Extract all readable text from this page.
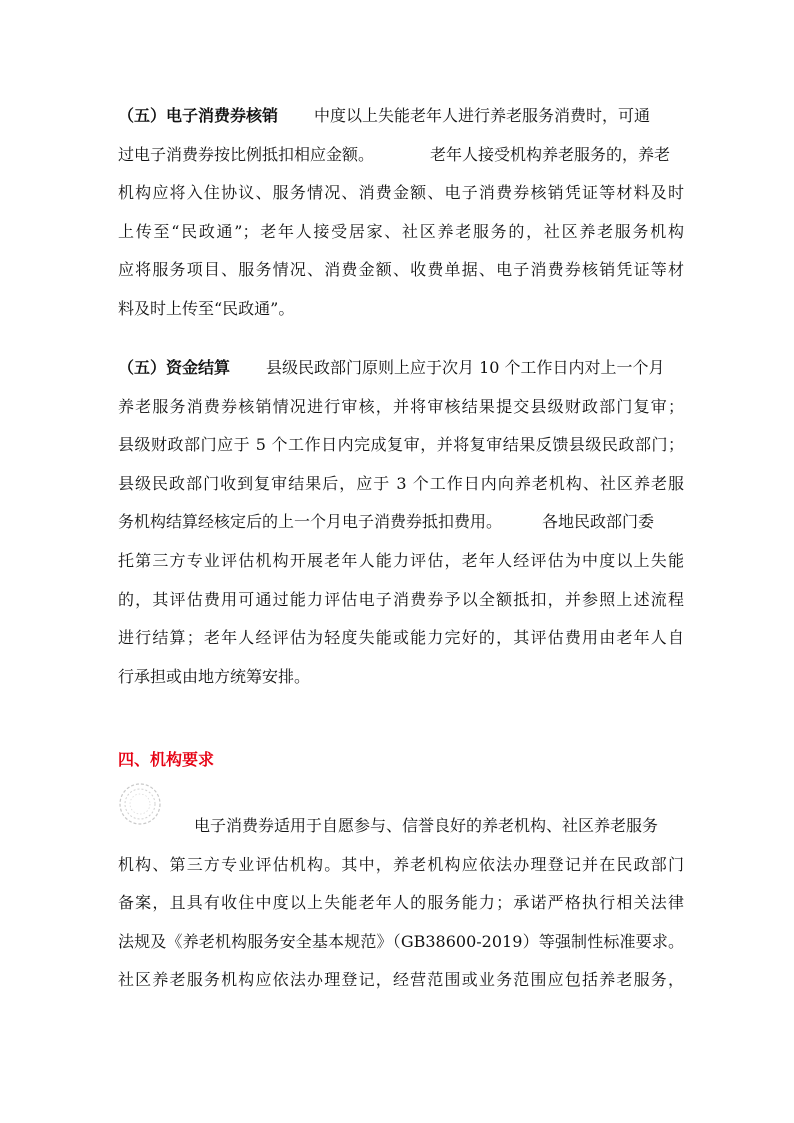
（五）电子消费券核销 中度以上失能老年人进行养老服务消费时，可通
过电子消费券按比例抵扣相应金额。	老年人接受机构养老服务的，养老
机构应将入住协议、服务情况、消费金额、电子消费券核销凭证等材料及时
上传至“民政通”；老年人接受居家、社区养老服务的，社区养老服务机构
应将服务项目、服务情况、消费金额、收费单据、电子消费券核销凭证等材
料及时上传至“民政通”。
（五）资金结算 县级民政部门原则上应于次月 10 个工作日内对上一个月
养老服务消费券核销情况进行审核，并将审核结果提交县级财政部门复审；
县级财政部门应于 5 个工作日内完成复审，并将复审结果反馈县级民政部门；
县级民政部门收到复审结果后，应于 3 个工作日内向养老机构、社区养老服
务机构结算经核定后的上一个月电子消费券抵扣费用。	各地民政部门委
托第三方专业评估机构开展老年人能力评估，老年人经评估为中度以上失能
的，其评估费用可通过能力评估电子消费券予以全额抵扣，并参照上述流程
进行结算；老年人经评估为轻度失能或能力完好的，其评估费用由老年人自
行承担或由地方统筹安排。
四、机构要求
电子消费券适用于自愿参与、信誉良好的养老机构、社区养老服务
机构、第三方专业评估机构。其中，养老机构应依法办理登记并在民政部门
备案，且具有收住中度以上失能老年人的服务能力；承诺严格执行相关法律
法规及《养老机构服务安全基本规范》（GB38600-2019）等强制性标准要求。
社区养老服务机构应依法办理登记，经营范围或业务范围应包括养老服务，
